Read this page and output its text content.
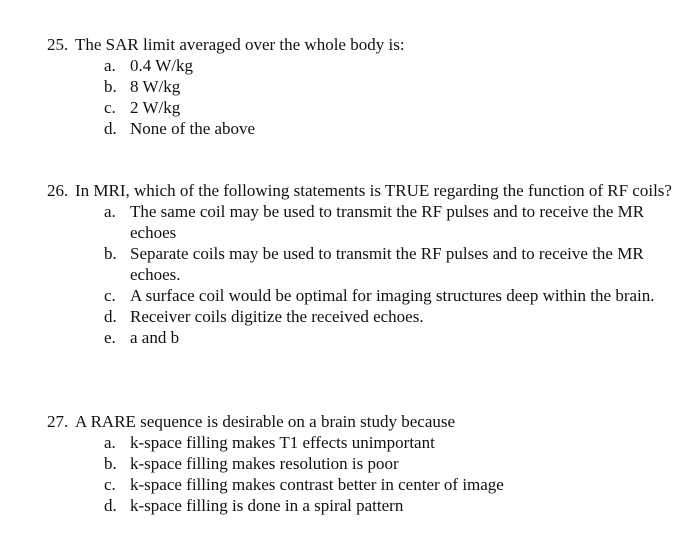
25. The SAR limit averaged over the whole body is:
a. 0.4 W/kg
b. 8 W/kg
c. 2 W/kg
d. None of the above
26. In MRI, which of the following statements is TRUE regarding the function of RF coils?
a. The same coil may be used to transmit the RF pulses and to receive the MR echoes
b. Separate coils may be used to transmit the RF pulses and to receive the MR echoes.
c. A surface coil would be optimal for imaging structures deep within the brain.
d. Receiver coils digitize the received echoes.
e. a and b
27. A RARE sequence is desirable on a brain study because
a. k-space filling makes T1 effects unimportant
b. k-space filling makes resolution is poor
c. k-space filling makes contrast better in center of image
d. k-space filling is done in a spiral pattern
